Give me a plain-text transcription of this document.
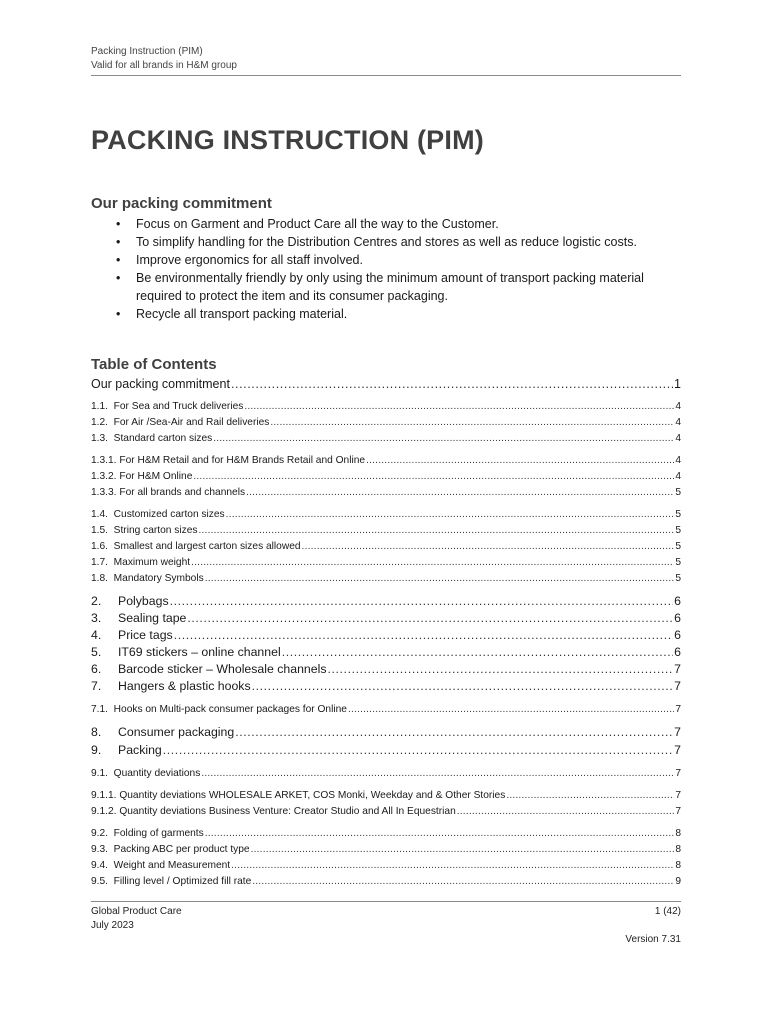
Packing Instruction (PIM)
Valid for all brands in H&M group
PACKING INSTRUCTION (PIM)
Our packing commitment
• Focus on Garment and Product Care all the way to the Customer.
• To simplify handling for the Distribution Centres and stores as well as reduce logistic costs.
• Improve ergonomics for all staff involved.
• Be environmentally friendly by only using the minimum amount of transport packing material required to protect the item and its consumer packaging.
• Recycle all transport packing material.
Table of Contents
Our packing commitment .....	1
1.1. For Sea and Truck deliveries .....	4
1.2. For Air /Sea-Air and Rail deliveries .....	4
1.3. Standard carton sizes .....	4
1.3.1. For H&M Retail and for H&M Brands Retail and Online .....	4
1.3.2. For H&M Online .....	4
1.3.3. For all brands and channels .....	5
1.4. Customized carton sizes .....	5
1.5. String carton sizes .....	5
1.6. Smallest and largest carton sizes allowed .....	5
1.7. Maximum weight .....	5
1.8. Mandatory Symbols .....	5
2. Polybags .....	6
3. Sealing tape .....	6
4. Price tags .....	6
5. IT69 stickers – online channel .....	6
6. Barcode sticker – Wholesale channels .....	7
7. Hangers & plastic hooks .....	7
7.1. Hooks on Multi-pack consumer packages for Online .....	7
8. Consumer packaging .....	7
9. Packing .....	7
9.1. Quantity deviations .....	7
9.1.1. Quantity deviations WHOLESALE ARKET, COS Monki, Weekday and & Other Stories .....	7
9.1.2. Quantity deviations Business Venture: Creator Studio and All In Equestrian .....	7
9.2. Folding of garments .....	8
9.3. Packing ABC per product type .....	8
9.4. Weight and Measurement .....	8
9.5. Filling level / Optimized fill rate .....	9
Global Product Care
July 2023
1 (42)
Version 7.31
